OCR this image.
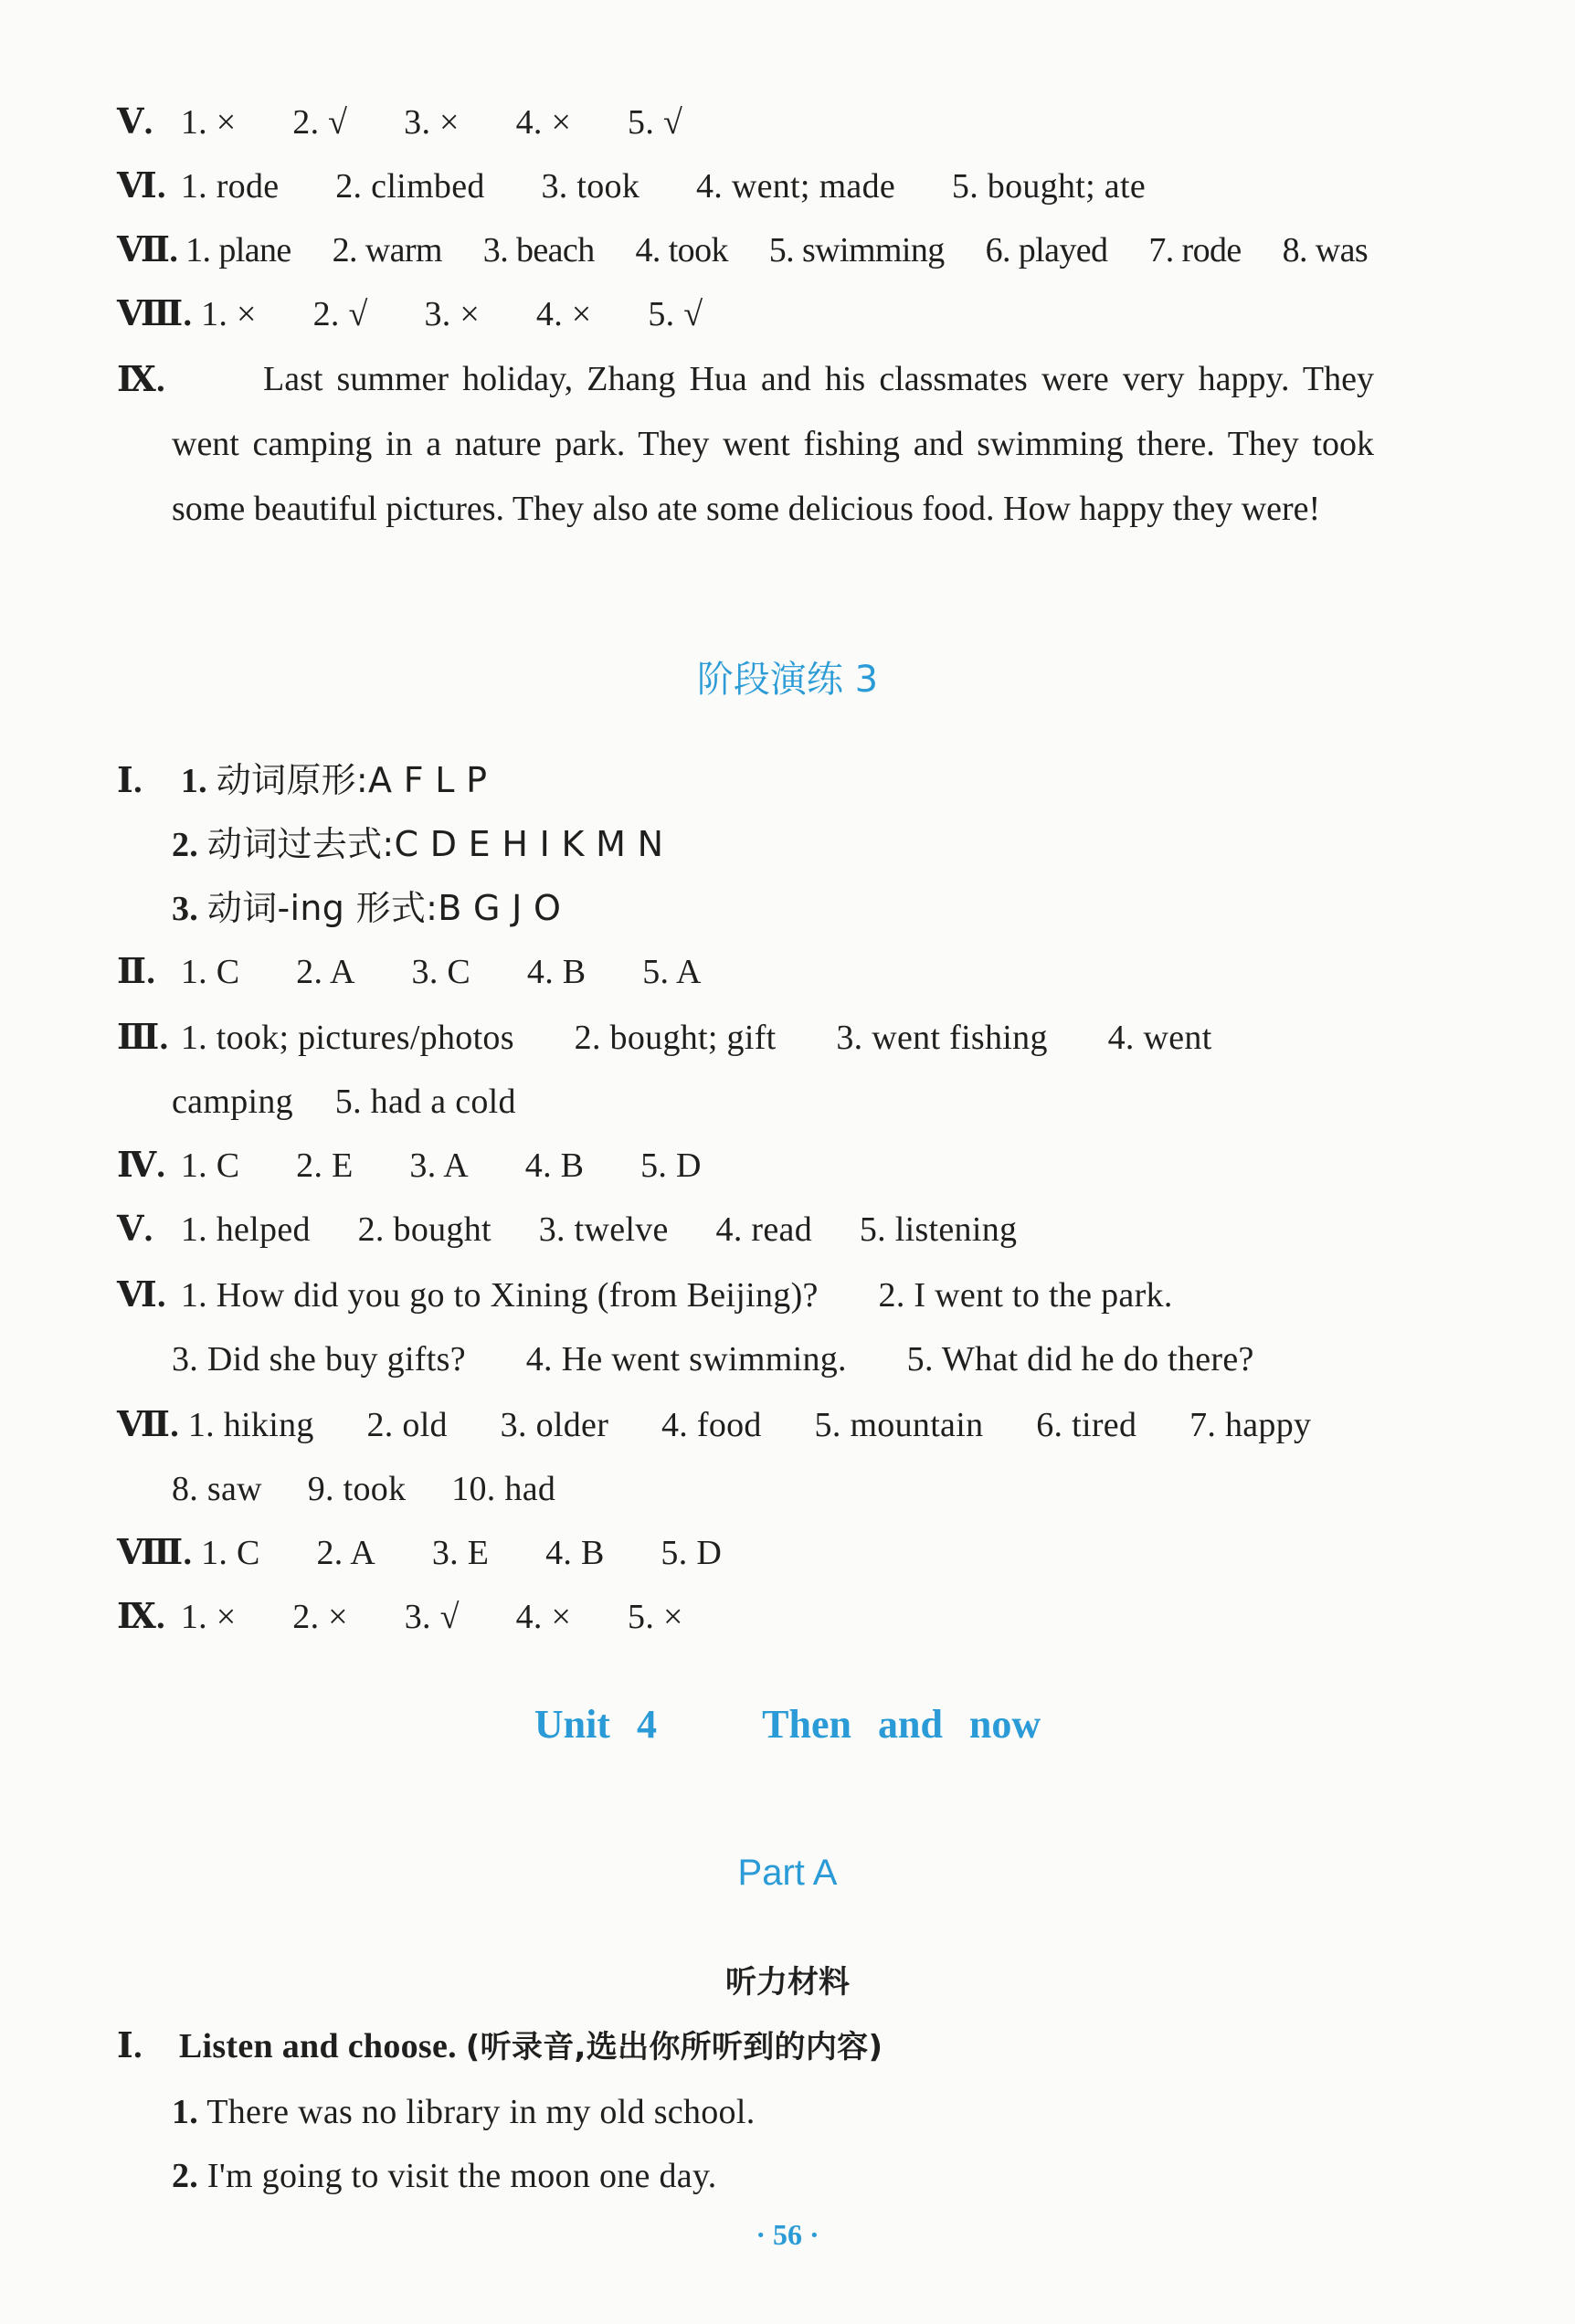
Ⅴ. 1. × 2. √ 3. × 4. × 5. √
Ⅵ. 1. rode 2. climbed 3. took 4. went; made 5. bought; ate
Ⅶ. 1. plane 2. warm 3. beach 4. took 5. swimming 6. played 7. rode 8. was
Ⅷ. 1. × 2. √ 3. × 4. × 5. √
Ⅸ.	Last summer holiday, Zhang Hua and his classmates were very happy. They went camping in a nature park. They went fishing and swimming there. They took some beautiful pictures. They also ate some delicious food. How happy they were!
阶段演练 3
Ⅰ. 1. 动词原形:A F L P
2. 动词过去式:C D E H I K M N
3. 动词-ing 形式:B G J O
Ⅱ. 1. C 2. A 3. C 4. B 5. A
Ⅲ. 1. took; pictures/photos 2. bought; gift 3. went fishing 4. went
camping 5. had a cold
Ⅳ. 1. C 2. E 3. A 4. B 5. D
Ⅴ. 1. helped 2. bought 3. twelve 4. read 5. listening
Ⅵ. 1. How did you go to Xining (from Beijing)? 2. I went to the park.
3. Did she buy gifts? 4. He went swimming. 5. What did he do there?
Ⅶ. 1. hiking 2. old 3. older 4. food 5. mountain 6. tired 7. happy
8. saw 9. took 10. had
Ⅷ. 1. C 2. A 3. E 4. B 5. D
Ⅸ. 1. × 2. × 3. √ 4. × 5. ×
Unit 4    Then and now
Part A
听力材料
Ⅰ. Listen and choose. (听录音,选出你所听到的内容)
1. There was no library in my old school.
2. I'm going to visit the moon one day.
· 56 ·
